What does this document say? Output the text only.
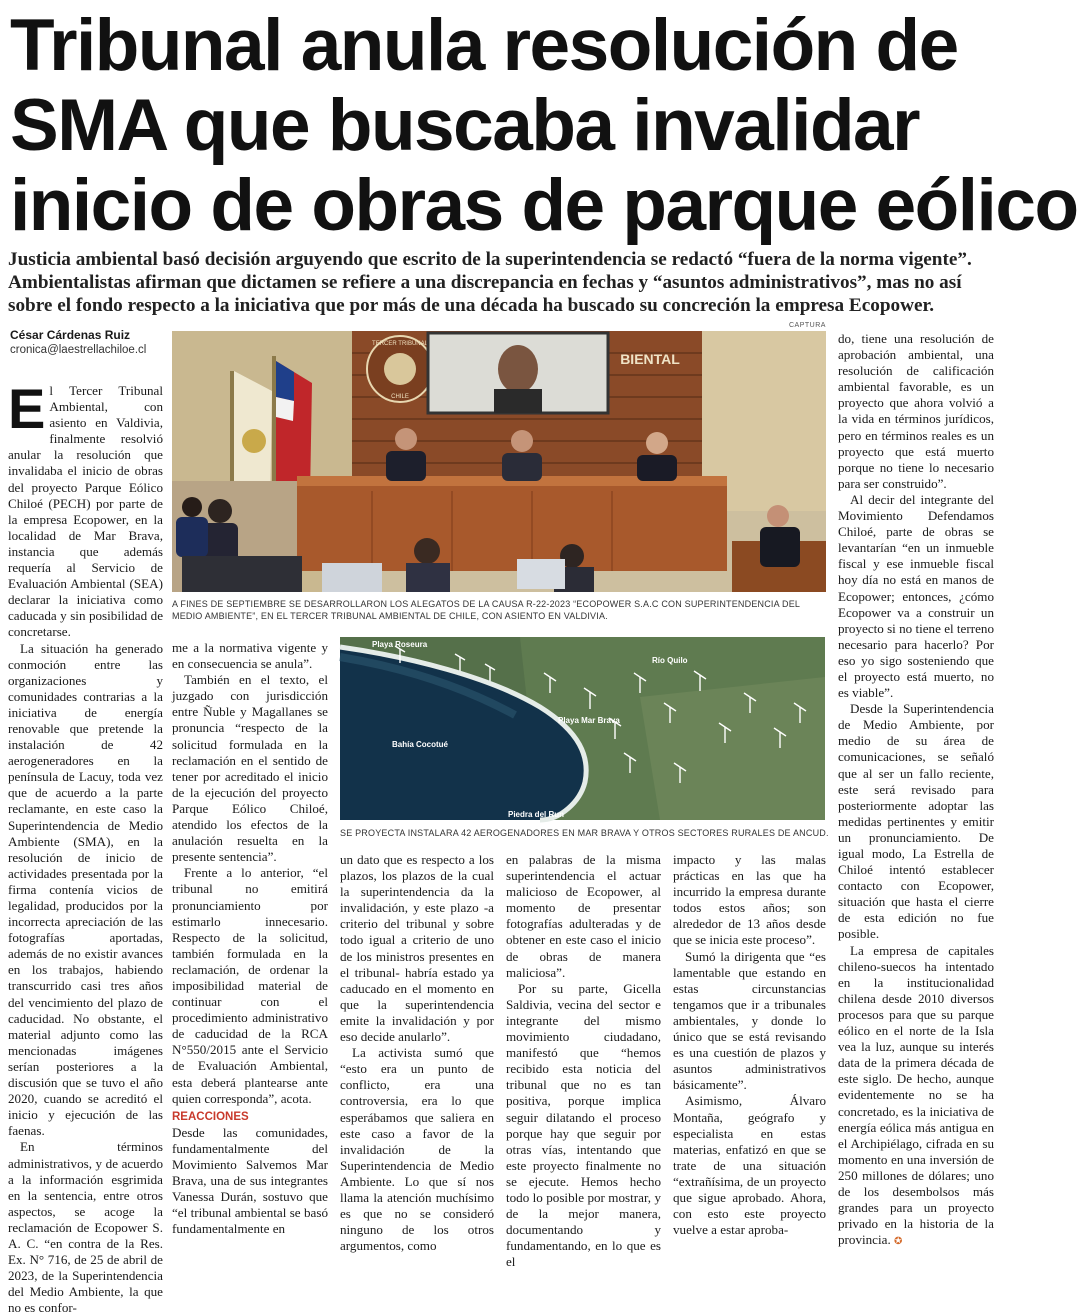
Tribunal anula resolución de
SMA que buscaba invalidar
inicio de obras de parque eólico
Justicia ambiental basó decisión arguyendo que escrito de la superintendencia se redactó “fuera de la norma vigente”.
Ambientalistas afirman que dictamen se refiere a una discrepancia en fechas y “asuntos administrativos”, mas no así
sobre el fondo respecto a la iniciativa que por más de una década ha buscado su concreción la empresa Ecopower.
César Cárdenas Ruiz
cronica@laestrellachiloe.cl
CAPTURA
TERCER TRIBUNAL
CHILE
BIENTAL
A FINES DE SEPTIEMBRE SE DESARROLLARON LOS ALEGATOS DE LA CAUSA R-22-2023 “ECOPOWER S.A.C CON SUPERINTENDENCIA DEL MEDIO AMBIENTE”, EN EL TERCER TRIBUNAL AMBIENTAL DE CHILE, CON ASIENTO EN VALDIVIA.
Playa Roseura
Río Quilo
Playa Mar Brava
Bahía Cocotué
Piedra del Run
SE PROYECTA INSTALARA 42 AEROGENADORES EN MAR BRAVA Y OTROS SECTORES RURALES DE ANCUD.

El Tercer Tribunal Ambiental, con asiento en Valdivia, finalmente resolvió anular la resolución que invalidaba el inicio de obras del proyecto Parque Eólico Chiloé (PECH) por parte de la empresa Ecopower, en la localidad de Mar Brava, instancia que además requería al Servicio de Evaluación Ambiental (SEA) declarar la iniciativa como caducada y sin posibilidad de concretarse.

La situación ha generado conmoción entre las organizaciones y comunidades contrarias a la iniciativa de energía renovable que pretende la instalación de 42 aerogeneradores en la península de Lacuy, toda vez que de acuerdo a la parte reclamante, en este caso la Superintendencia de Medio Ambiente (SMA), en la resolución de inicio de actividades presentada por la firma contenía vicios de legalidad, producidos por la incorrecta apreciación de las fotografías aportadas, además de no existir avances en los trabajos, habiendo transcurrido casi tres años del vencimiento del plazo de caducidad. No obstante, el material adjunto como las mencionadas imágenes serían posteriores a la discusión que se tuvo el año 2020, cuando se acreditó el inicio y ejecución de las faenas.

En términos administrativos, y de acuerdo a la información esgrimida en la sentencia, entre otros aspectos, se acoge la reclamación de Ecopower S. A. C. “en contra de la Res. Ex. N° 716, de 25 de abril de 2023, de la Superintendencia del Medio Ambiente, la que no es confor-

me a la normativa vigente y en consecuencia se anula”.

También en el texto, el juzgado con jurisdicción entre Ñuble y Magallanes se pronuncia “respecto de la solicitud formulada en la reclamación en el sentido de tener por acreditado el inicio de la ejecución del proyecto Parque Eólico Chiloé, atendido los efectos de la anulación resuelta en la presente sentencia”.

Frente a lo anterior, “el tribunal no emitirá pronunciamiento por estimarlo innecesario. Respecto de la solicitud, también formulada en la reclamación, de ordenar la imposibilidad material de continuar con el procedimiento administrativo de caducidad de la RCA N°550/2015 ante el Servicio de Evaluación Ambiental, esta deberá plantearse ante quien corresponda”, acota.

REACCIONES

Desde las comunidades, fundamentalmente del Movimiento Salvemos Mar Brava, una de sus integrantes Vanessa Durán, sostuvo que “el tribunal ambiental se basó fundamentalmente en

un dato que es respecto a los plazos, los plazos de la cual la superintendencia da la invalidación, y este plazo -a criterio del tribunal y sobre todo igual a criterio de uno de los ministros presentes en el tribunal- habría estado ya caducado en el momento en que la superintendencia emite la invalidación y por eso decide anularlo”.

La activista sumó que “esto era un punto de conflicto, era una controversia, era lo que esperábamos que saliera en este caso a favor de la invalidación de la Superintendencia de Medio Ambiente. Lo que sí nos llama la atención muchísimo es que no se consideró ninguno de los otros argumentos, como

en palabras de la misma superintendencia el actuar malicioso de Ecopower, al momento de presentar fotografías adulteradas y de obtener en este caso el inicio de obras de manera maliciosa”.

Por su parte, Gicella Saldivia, vecina del sector e integrante del mismo movimiento ciudadano, manifestó que “hemos recibido esta noticia del tribunal que no es tan positiva, porque implica seguir dilatando el proceso porque hay que seguir por otras vías, intentando que este proyecto finalmente no se ejecute. Hemos hecho todo lo posible por mostrar, y de la mejor manera, documentando y fundamentando, en lo que es el

impacto y las malas prácticas en las que ha incurrido la empresa durante todos estos años; son alrededor de 13 años desde que se inicia este proceso”.

Sumó la dirigenta que “es lamentable que estando en estas circunstancias tengamos que ir a tribunales ambientales, y donde lo único que se está revisando es una cuestión de plazos y asuntos administrativos básicamente”.

Asimismo, Álvaro Montaña, geógrafo y especialista en estas materias, enfatizó en que se trate de una situación “extrañísima, de un proyecto que sigue aprobado. Ahora, con esto este proyecto vuelve a estar aproba-

do, tiene una resolución de aprobación ambiental, una resolución de calificación ambiental favorable, es un proyecto que ahora volvió a la vida en términos jurídicos, pero en términos reales es un proyecto que está muerto porque no tiene lo necesario para ser construido”.

Al decir del integrante del Movimiento Defendamos Chiloé, parte de obras se levantarían “en un inmueble fiscal y ese inmueble fiscal hoy día no está en manos de Ecopower; entonces, ¿cómo Ecopower va a construir un proyecto si no tiene el terreno necesario para hacerlo? Por eso yo sigo sosteniendo que el proyecto está muerto, no es viable”.

Desde la Superintendencia de Medio Ambiente, por medio de su área de comunicaciones, se señaló que al ser un fallo reciente, este será revisado para posteriormente adoptar las medidas pertinentes y emitir un pronunciamiento. De igual modo, La Estrella de Chiloé intentó establecer contacto con Ecopower, situación que hasta el cierre de esta edición no fue posible.

La empresa de capitales chileno-suecos ha intentado en la institucionalidad chilena desde 2010 diversos procesos para que su parque eólico en el norte de la Isla vea la luz, aunque su interés data de la primera década de este siglo. De hecho, aunque evidentemente no se ha concretado, es la iniciativa de energía eólica más antigua en el Archipiélago, cifrada en su momento en una inversión de 250 millones de dólares; uno de los desembolsos más grandes para un proyecto privado en la historia de la provincia. ✪
